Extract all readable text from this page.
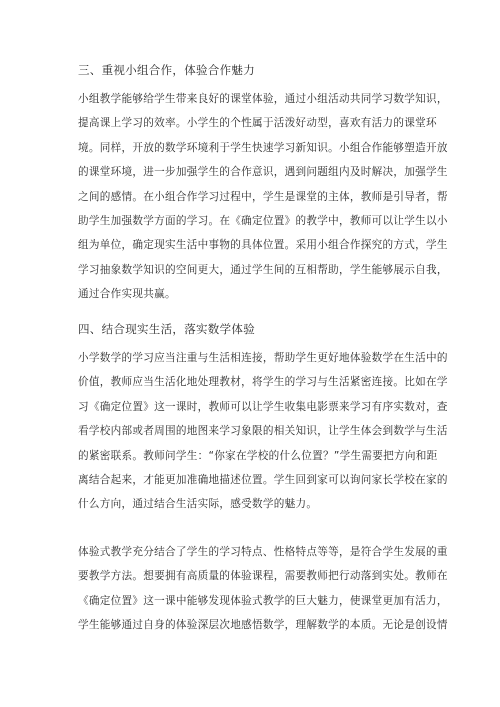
三、重视小组合作，体验合作魅力
小组教学能够给学生带来良好的课堂体验，通过小组活动共同学习数学知识，
提高课上学习的效率。小学生的个性属于活泼好动型，喜欢有活力的课堂环
境。同样，开放的数学环境利于学生快速学习新知识。小组合作能够塑造开放
的课堂环境，进一步加强学生的合作意识，遇到问题组内及时解决，加强学生
之间的感情。在小组合作学习过程中，学生是课堂的主体，教师是引导者，帮
助学生加强数学方面的学习。在《确定位置》的教学中，教师可以让学生以小
组为单位，确定现实生活中事物的具体位置。采用小组合作探究的方式，学生
学习抽象数学知识的空间更大，通过学生间的互相帮助，学生能够展示自我，
通过合作实现共赢。
四、结合现实生活，落实数学体验
小学数学的学习应当注重与生活相连接，帮助学生更好地体验数学在生活中的
价值，教师应当生活化地处理教材，将学生的学习与生活紧密连接。比如在学
习《确定位置》这一课时，教师可以让学生收集电影票来学习有序实数对，查
看学校内部或者周围的地图来学习象限的相关知识，让学生体会到数学与生活
的紧密联系。教师问学生：“你家在学校的什么位置？”学生需要把方向和距
离结合起来，才能更加准确地描述位置。学生回到家可以询问家长学校在家的
什么方向，通过结合生活实际，感受数学的魅力。
体验式教学充分结合了学生的学习特点、性格特点等等，是符合学生发展的重
要教学方法。想要拥有高质量的体验课程，需要教师把行动落到实处。教师在
《确定位置》这一课中能够发现体验式教学的巨大魅力，使课堂更加有活力，
学生能够通过自身的体验深层次地感悟数学，理解数学的本质。无论是创设情
